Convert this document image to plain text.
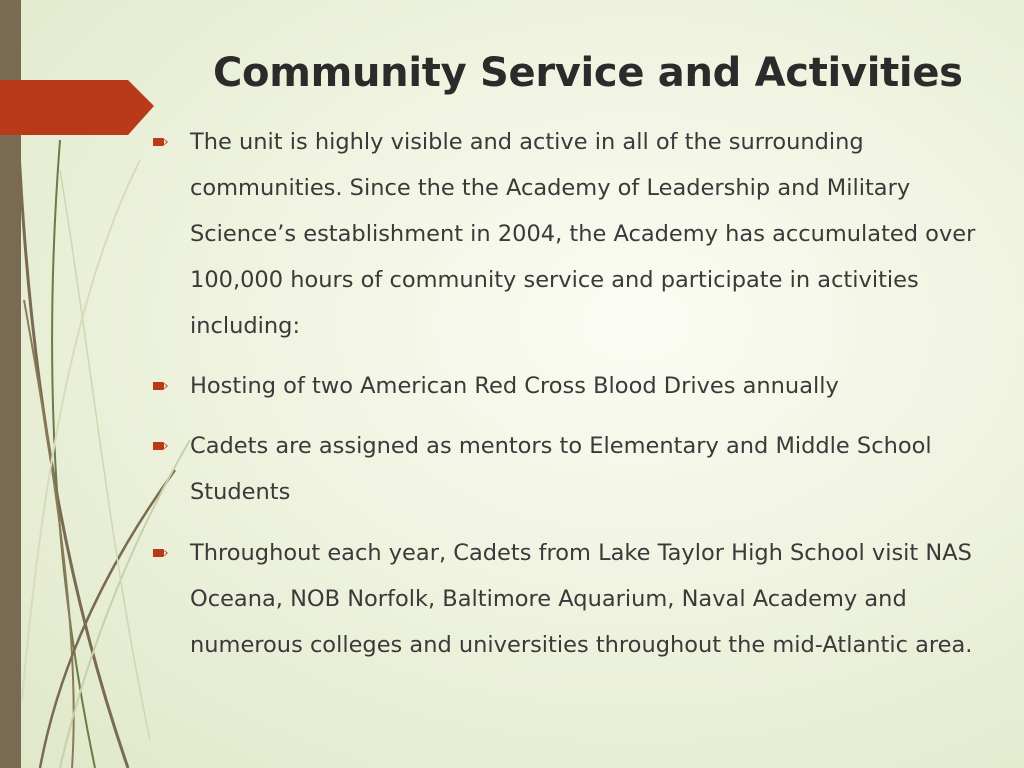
Community Service and Activities
The unit is highly visible and active in all of the surrounding communities. Since the the Academy of Leadership and Military Science’s establishment in 2004, the Academy has accumulated over 100,000 hours of community service and participate in activities including:
Hosting of two American Red Cross Blood Drives annually
Cadets are assigned as mentors to Elementary and Middle School Students
Throughout each year, Cadets from Lake Taylor High School visit NAS Oceana, NOB Norfolk, Baltimore Aquarium, Naval Academy and numerous colleges and universities throughout the mid-Atlantic area.
